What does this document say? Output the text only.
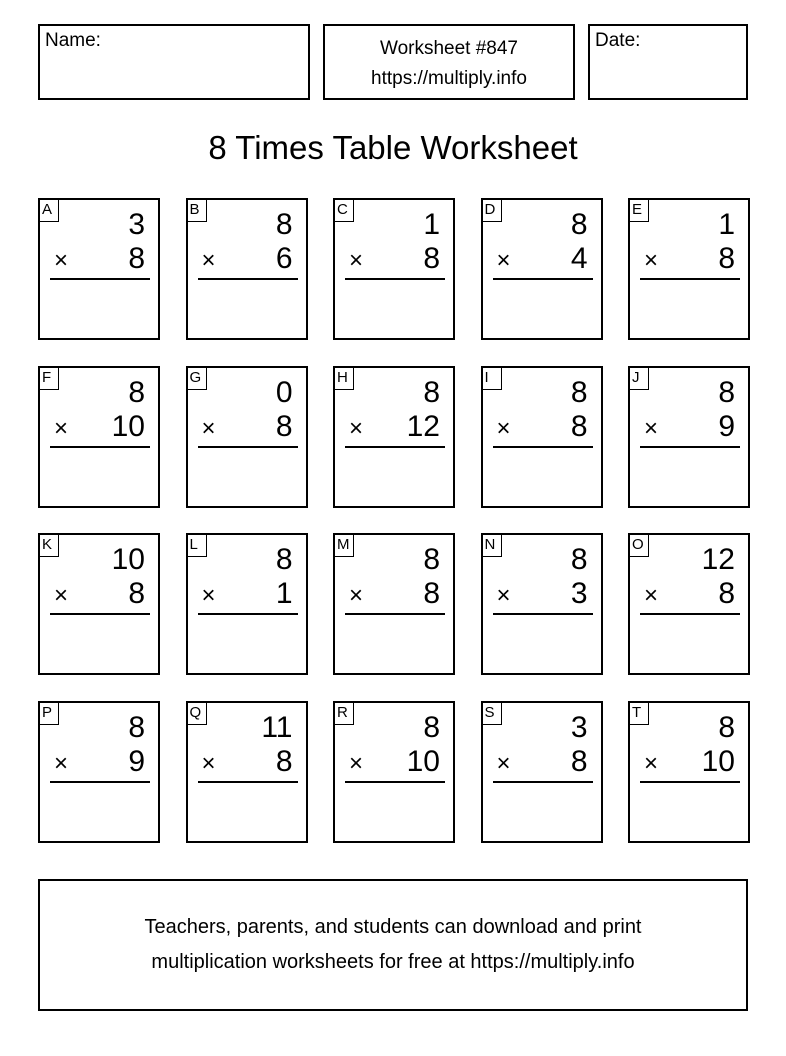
Name:	Worksheet #847
https://multiply.info
Date:
8 Times Table Worksheet
A	3
× 8
B	8
× 6
C	1
× 8
D	8
× 4
E	1
× 8
F	8
× 10
G 0
× 8
H	8
× 12
I	8
× 8
J	8
× 9
K 10
× 8
L	8
× 1
M 8
× 8
N	8
× 3
O 12
× 8
P	8
× 9
Q 11
× 8
R	8
× 10
S	3
× 8
T	8
× 10
Teachers, parents, and students can download and print
multiplication worksheets for free at https://multiply.info
